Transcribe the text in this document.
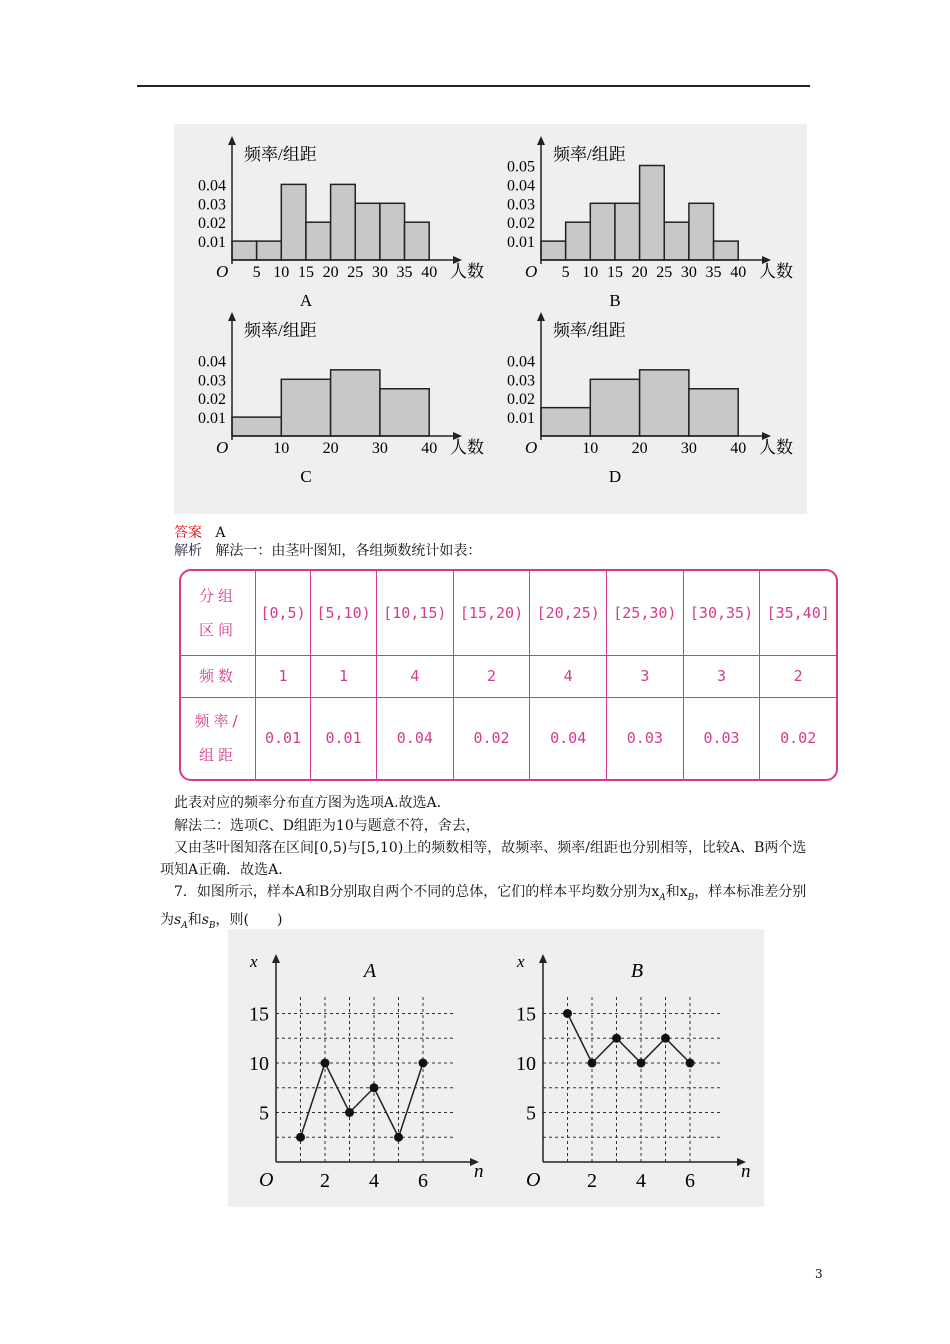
频率/组距
O	人数
0.01
0.02
0.03
0.04
5 10 15 20 25 30 35 40
A
频率/组距
O	人数
0.01
0.02
0.03
0.04
0.05
5 10 15 20 25 30 35 40
B
频率/组距
O	人数
0.01
0.02
0.03
0.04
10 20 30 40
C
频率/组距
O	人数
0.01
0.02
0.03
0.04
10 20 30 40
D
答案 A
解析 解法一：由茎叶图知，各组频数统计如表：
分组区间	[0,5)	[5,10)	[10,15)	[15,20)	[20,25)	[25,30)	[30,35)	[35,40]
频数	1	1	4	2	4	3	3	2
频率/组距	0.01	0.01	0.04	0.02	0.04	0.03	0.03	0.02
此表对应的频率分布直方图为选项A.故选A.
解法二：选项C、D组距为10与题意不符，舍去，
又由茎叶图知落在区间[0,5)与[5,10)上的频数相等，故频率、频率/组距也分别相等，比较A、B两个选项知A正确．故选A.
7．如图所示，样本A和B分别取自两个不同的总体，它们的样本平均数分别为$x_A$和$x_B$，样本标准差分别为$s_A$和$s_B$，则(　　)
x
n
O
A
5
10
15
2 4 6
x
n
O
B
5
10
15
2 4 6
3
